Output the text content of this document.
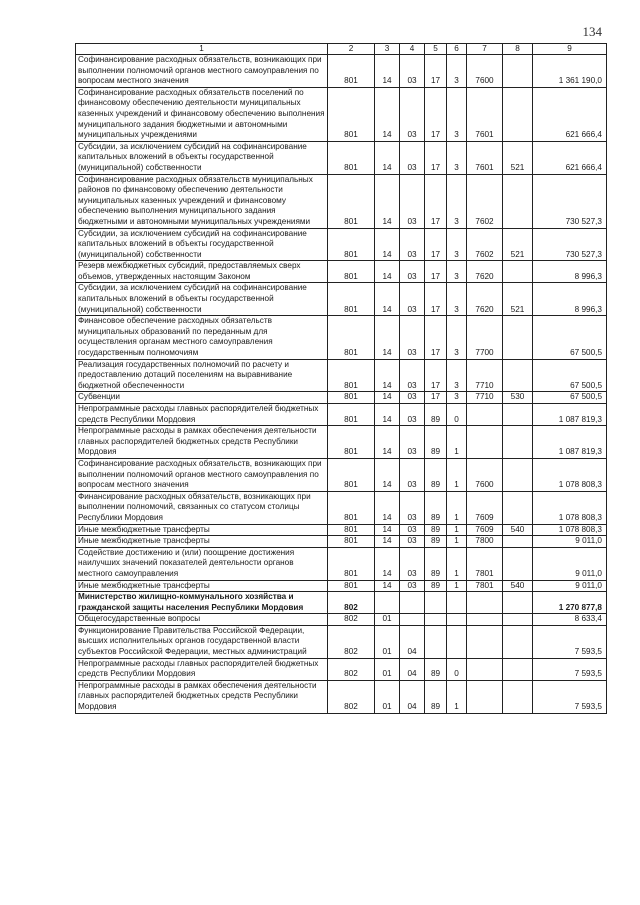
134
1	2	3	4	5	6	7	8	9
Софинансирование расходных обязательств, возникающих при выполнении полномочий органов местного самоуправления по вопросам местного значения	801	14	03	17	3	7600		1 361 190,0
Софинансирование расходных обязательств поселений по финансовому обеспечению деятельности муниципальных казенных учреждений и финансовому обеспечению выполнения муниципального задания бюджетными и автономными муниципальных учреждениями	801	14	03	17	3	7601		621 666,4
Субсидии, за исключением субсидий на софинансирование капитальных вложений в объекты государственной (муниципальной) собственности	801	14	03	17	3	7601	521	621 666,4
Софинансирование расходных обязательств муниципальных районов по финансовому обеспечению деятельности муниципальных казенных учреждений и финансовому обеспечению выполнения муниципального задания бюджетными и автономными муниципальных учреждениями	801	14	03	17	3	7602		730 527,3
Субсидии, за исключением субсидий на софинансирование капитальных вложений в объекты государственной (муниципальной) собственности	801	14	03	17	3	7602	521	730 527,3
Резерв межбюджетных субсидий, предоставляемых сверх объемов, утвержденных настоящим Законом	801	14	03	17	3	7620		8 996,3
Субсидии, за исключением субсидий на софинансирование капитальных вложений в объекты государственной (муниципальной) собственности	801	14	03	17	3	7620	521	8 996,3
Финансовое обеспечение расходных обязательств муниципальных образований по переданным для осуществления органам местного самоуправления государственным полномочиям	801	14	03	17	3	7700		67 500,5
Реализация государственных полномочий по расчету и предоставлению дотаций поселениям на выравнивание бюджетной обеспеченности	801	14	03	17	3	7710		67 500,5
Субвенции	801	14	03	17	3	7710	530	67 500,5
Непрограммные расходы главных распорядителей бюджетных средств Республики Мордовия	801	14	03	89	0			1 087 819,3
Непрограммные расходы в рамках обеспечения деятельности главных распорядителей бюджетных средств Республики Мордовия	801	14	03	89	1			1 087 819,3
Софинансирование расходных обязательств, возникающих при выполнении полномочий органов местного самоуправления по вопросам местного значения	801	14	03	89	1	7600		1 078 808,3
Финансирование расходных обязательств, возникающих при выполнении полномочий, связанных со статусом столицы Республики Мордовия	801	14	03	89	1	7609		1 078 808,3
Иные межбюджетные трансферты	801	14	03	89	1	7609	540	1 078 808,3
Иные межбюджетные трансферты	801	14	03	89	1	7800		9 011,0
Содействие достижению и (или) поощрение достижения наилучших значений показателей деятельности органов местного самоуправления	801	14	03	89	1	7801		9 011,0
Иные межбюджетные трансферты	801	14	03	89	1	7801	540	9 011,0
Министерство жилищно-коммунального хозяйства и гражданской защиты населения Республики Мордовия	802							1 270 877,8
Общегосударственные вопросы	802	01						8 633,4
Функционирование Правительства Российской Федерации, высших исполнительных органов государственной власти субъектов Российской Федерации, местных администраций	802	01	04					7 593,5
Непрограммные расходы главных распорядителей бюджетных средств Республики Мордовия	802	01	04	89	0			7 593,5
Непрограммные расходы в рамках обеспечения деятельности главных распорядителей бюджетных средств Республики Мордовия	802	01	04	89	1			7 593,5
